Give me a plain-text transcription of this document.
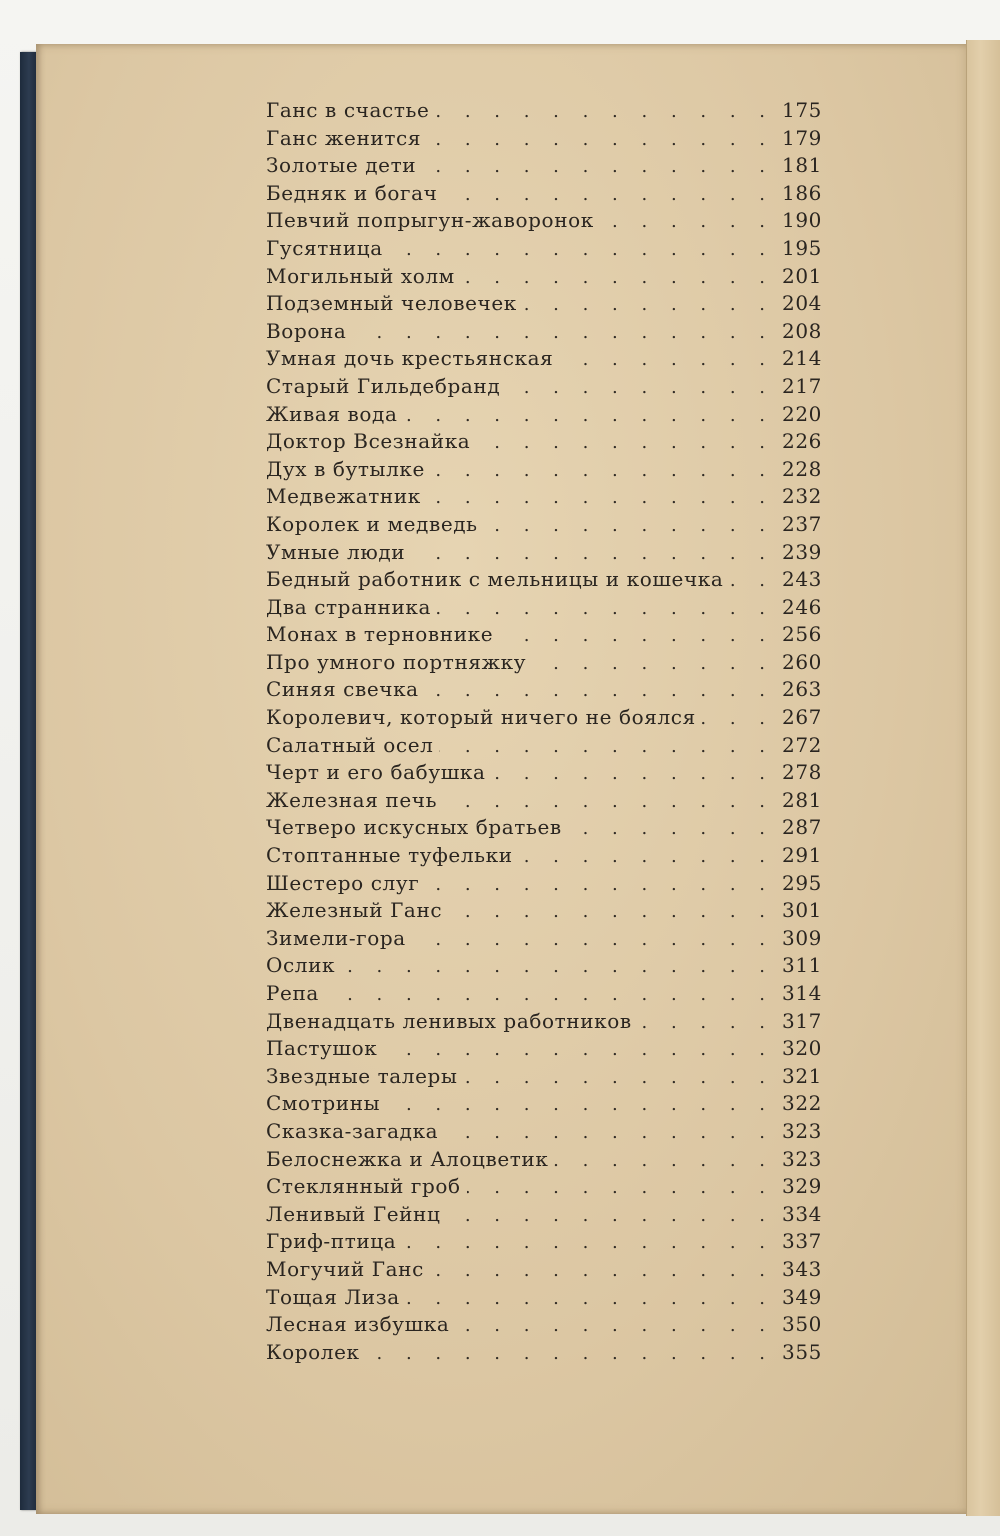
Ганс в счастье . . .	175
Ганс женится . . .	179
Золотые дети . . .	181
Бедняк и богач . . .	186
Певчий попрыгун-жаворонок . . .	190
Гусятница . . .	195
Могильный холм . . .	201
Подземный человечек . . .	204
Ворона . . .	208
Умная дочь крестьянская . . .	214
Старый Гильдебранд . . .	217
Живая вода . . .	220
Доктор Всезнайка . . .	226
Дух в бутылке . . .	228
Медвежатник . . .	232
Королек и медведь . . .	237
Умные люди . . .	239
Бедный работник с мельницы и кошечка . . .	243
Два странника . . .	246
Монах в терновнике . . .	256
Про умного портняжку . . .	260
Синяя свечка . . .	263
Королевич, который ничего не боялся . . .	267
Салатный осел . . .	272
Черт и его бабушка . . .	278
Железная печь . . .	281
Четверо искусных братьев . . .	287
Стоптанные туфельки . . .	291
Шестеро слуг . . .	295
Железный Ганс . . .	301
Зимели-гора . . .	309
Ослик . . .	311
Репа . . .	314
Двенадцать ленивых работников . . .	317
Пастушок . . .	320
Звездные талеры . . .	321
Смотрины . . .	322
Сказка-загадка . . .	323
Белоснежка и Алоцветик . . .	323
Стеклянный гроб . . .	329
Ленивый Гейнц . . .	334
Гриф-птица . . .	337
Могучий Ганс . . .	343
Тощая Лиза . . .	349
Лесная избушка . . .	350
Королек . . .	355
